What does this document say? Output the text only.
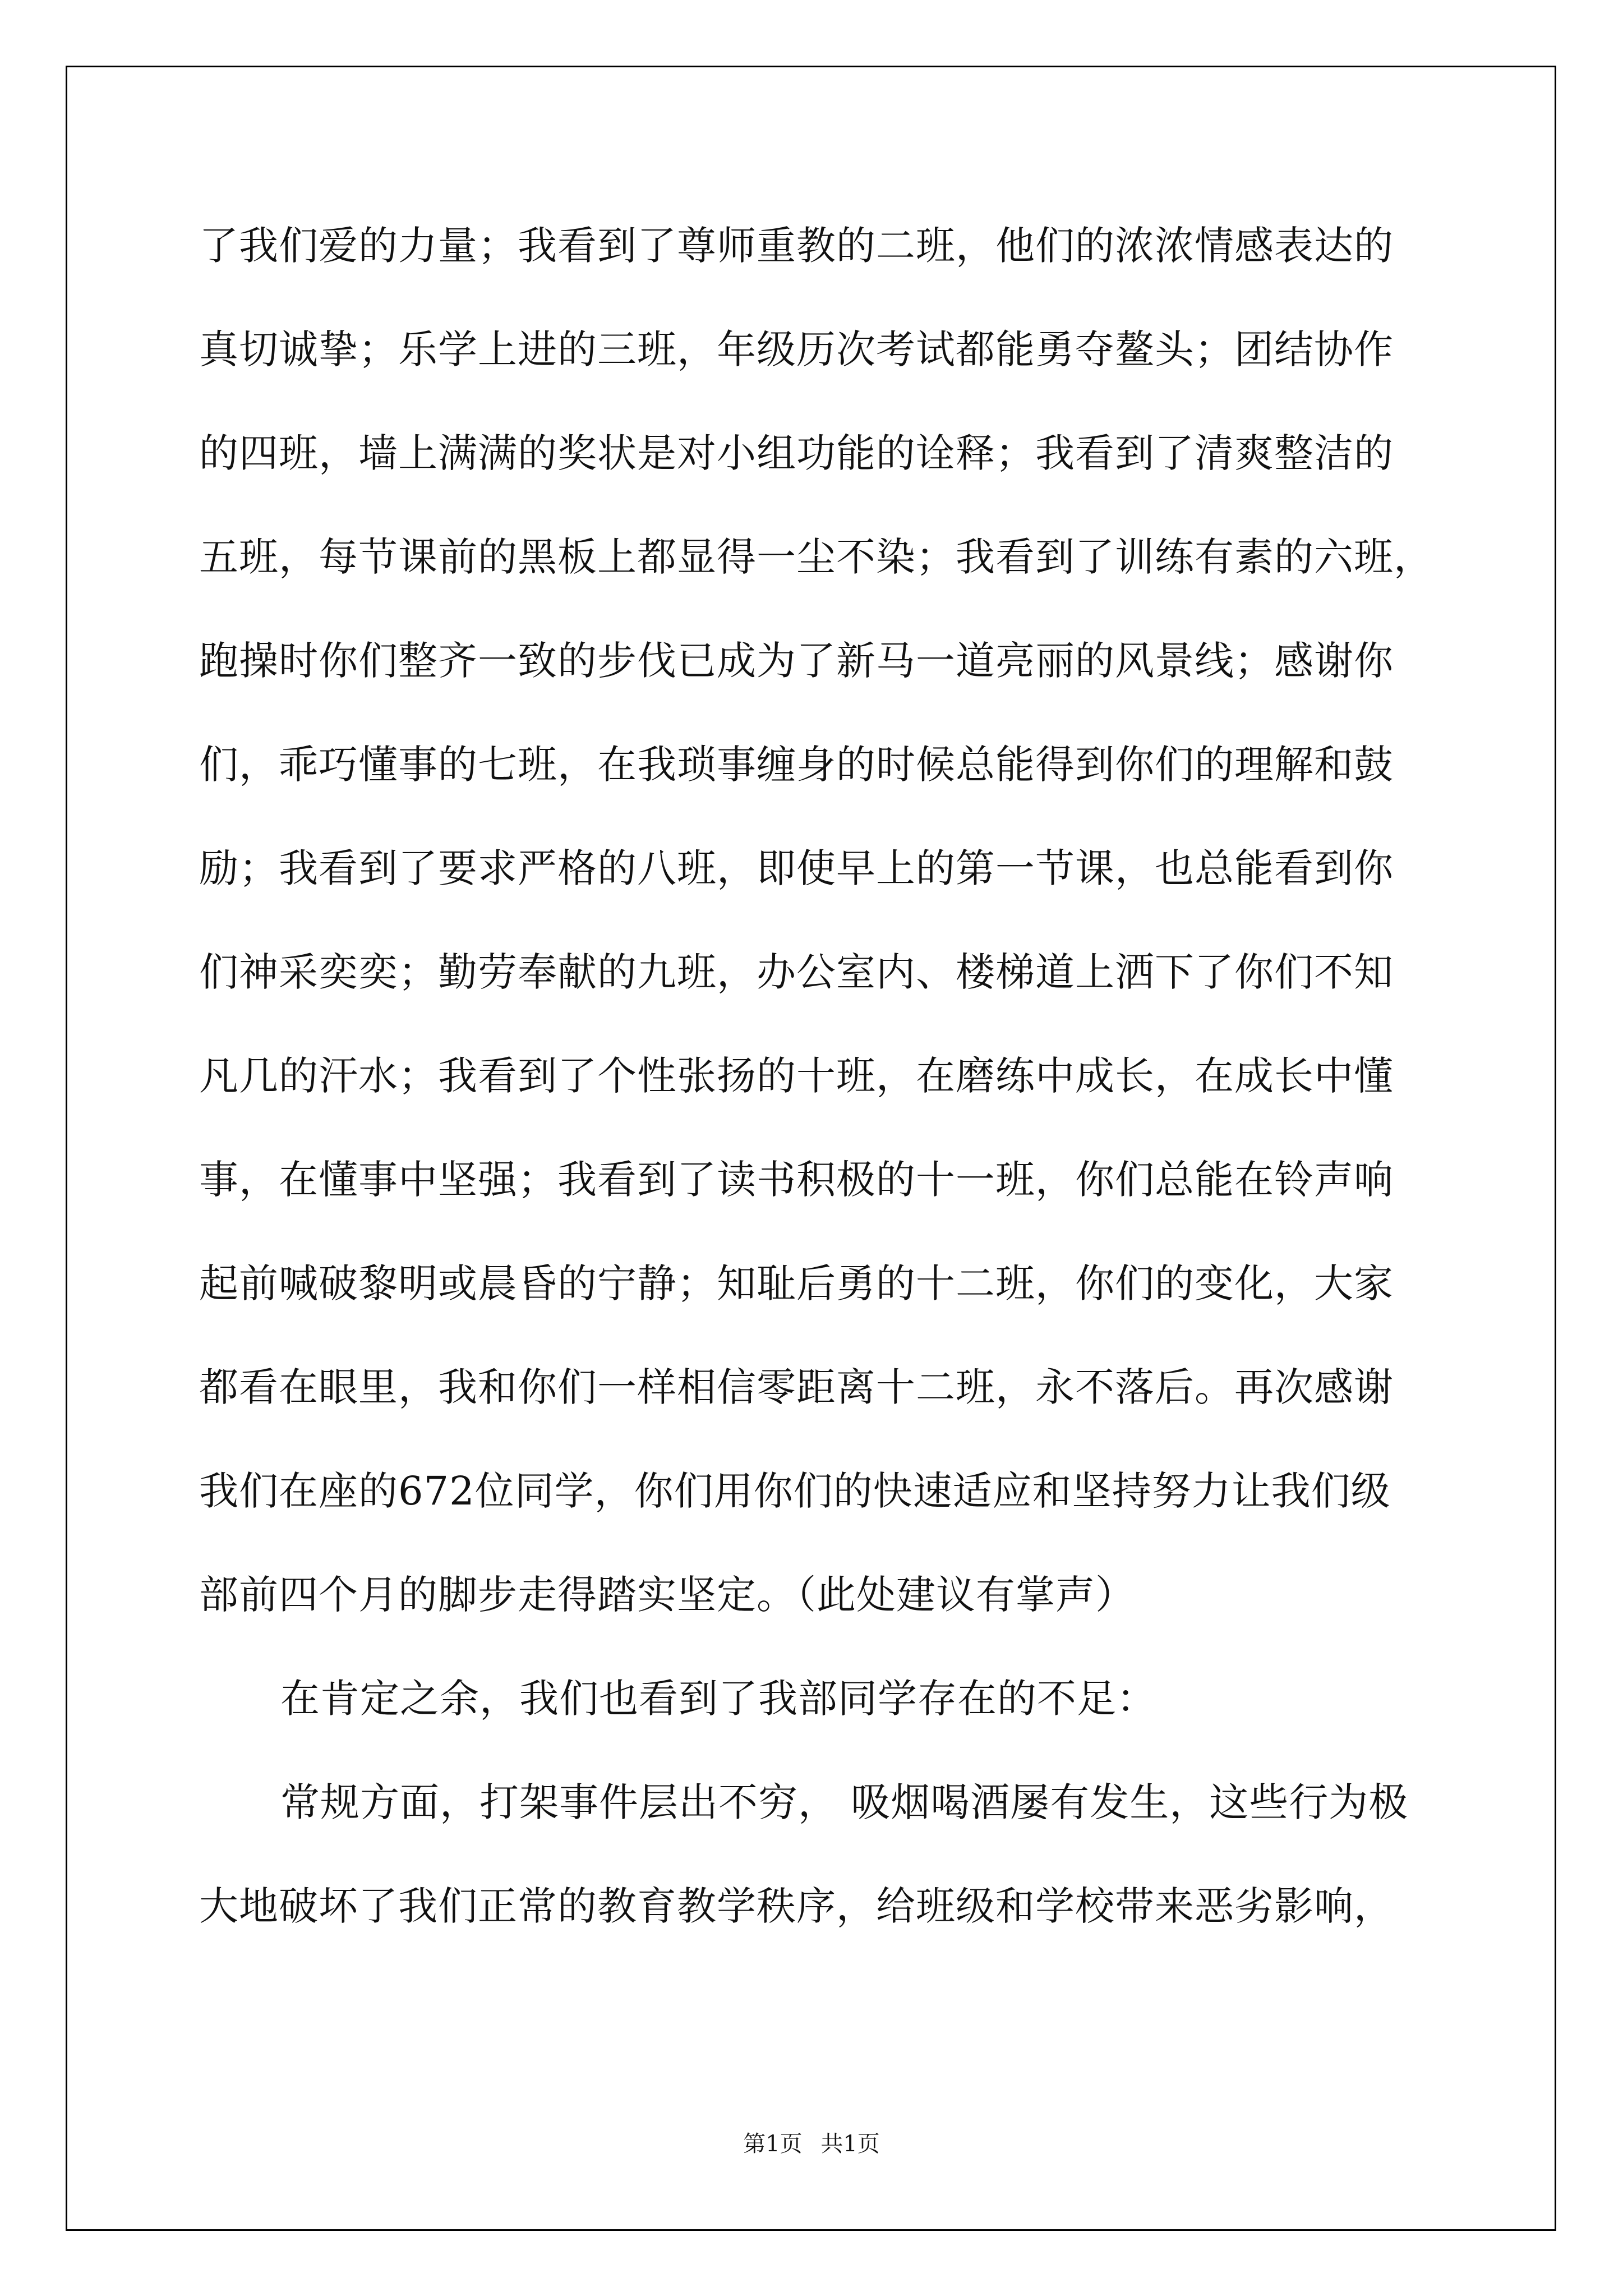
了我们爱的力量；我看到了尊师重教的二班，他们的浓浓情感表达的
真切诚挚；乐学上进的三班，年级历次考试都能勇夺鳌头；团结协作
的四班，墙上满满的奖状是对小组功能的诠释；我看到了清爽整洁的
五班，每节课前的黑板上都显得一尘不染；我看到了训练有素的六班，
跑操时你们整齐一致的步伐已成为了新马一道亮丽的风景线；感谢你
们，乖巧懂事的七班，在我琐事缠身的时候总能得到你们的理解和鼓
励；我看到了要求严格的八班，即使早上的第一节课，也总能看到你
们神采奕奕；勤劳奉献的九班，办公室内、楼梯道上洒下了你们不知
凡几的汗水；我看到了个性张扬的十班，在磨练中成长，在成长中懂
事，在懂事中坚强；我看到了读书积极的十一班，你们总能在铃声响
起前喊破黎明或晨昏的宁静；知耻后勇的十二班，你们的变化，大家
都看在眼里，我和你们一样相信零距离十二班，永不落后。再次感谢
我们在座的672位同学，你们用你们的快速适应和坚持努力让我们级
部前四个月的脚步走得踏实坚定。（此处建议有掌声）
在肯定之余，我们也看到了我部同学存在的不足：
常规方面，打架事件层出不穷， 吸烟喝酒屡有发生，这些行为极
大地破坏了我们正常的教育教学秩序，给班级和学校带来恶劣影响，
第1页 共1页
